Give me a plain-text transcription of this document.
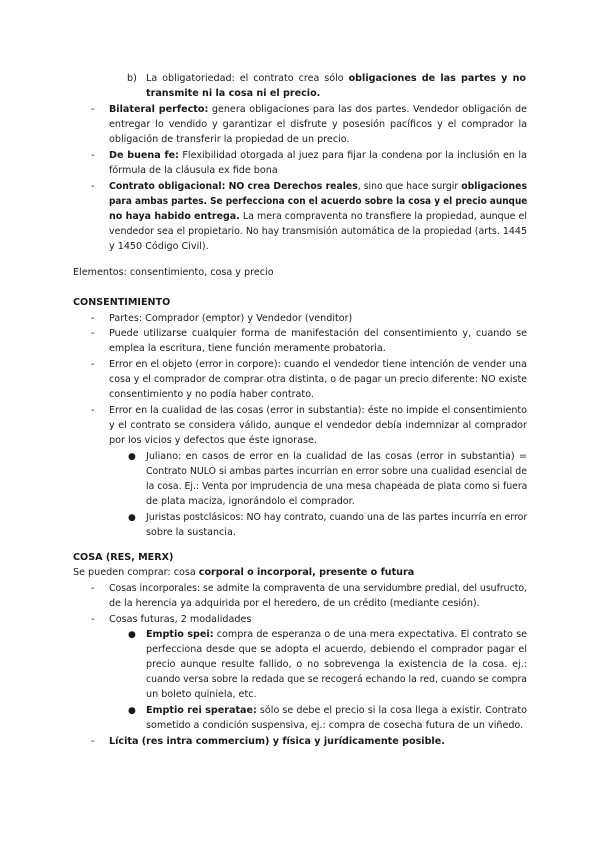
b) La obligatoriedad: el contrato crea sólo obligaciones de las partes y no
transmite ni la cosa ni el precio.
- Bilateral perfecto: genera obligaciones para las dos partes. Vendedor obligación de
entregar lo vendido y garantizar el disfrute y posesión pacíficos y el comprador la
obligación de transferir la propiedad de un precio.
- De buena fe: Flexibilidad otorgada al juez para fijar la condena por la inclusión en la
fórmula de la cláusula ex fide bona
- Contrato obligacional: NO crea Derechos reales, sino que hace surgir obligaciones
para ambas partes. Se perfecciona con el acuerdo sobre la cosa y el precio aunque
no haya habido entrega. La mera compraventa no transfiere la propiedad, aunque el
vendedor sea el propietario. No hay transmisión automática de la propiedad (arts. 1445
y 1450 Código Civil).
Elementos: consentimiento, cosa y precio
CONSENTIMIENTO
- Partes: Comprador (emptor) y Vendedor (venditor)
- Puede utilizarse cualquier forma de manifestación del consentimiento y, cuando se
emplea la escritura, tiene función meramente probatoria.
- Error en el objeto (error in corpore): cuando el vendedor tiene intención de vender una
cosa y el comprador de comprar otra distinta, o de pagar un precio diferente: NO existe
consentimiento y no podía haber contrato.
- Error en la cualidad de las cosas (error in substantia): éste no impide el consentimiento
y el contrato se considera válido, aunque el vendedor debía indemnizar al comprador
por los vicios y defectos que éste ignorase.
● Juliano: en casos de error en la cualidad de las cosas (error in substantia) =
Contrato NULO si ambas partes incurrían en error sobre una cualidad esencial de
la cosa. Ej.: Venta por imprudencia de una mesa chapeada de plata como si fuera
de plata maciza, ignorándolo el comprador.
● Juristas postclásicos: NO hay contrato, cuando una de las partes incurría en error
sobre la sustancia.
COSA (RES, MERX)
Se pueden comprar: cosa corporal o incorporal, presente o futura
- Cosas incorporales: se admite la compraventa de una servidumbre predial, del usufructo,
de la herencia ya adquirida por el heredero, de un crédito (mediante cesión).
- Cosas futuras, 2 modalidades
● Emptio spei: compra de esperanza o de una mera expectativa. El contrato se
perfecciona desde que se adopta el acuerdo, debiendo el comprador pagar el
precio aunque resulte fallido, o no sobrevenga la existencia de la cosa. ej.:
cuando versa sobre la redada que se recogerá echando la red, cuando se compra
un boleto quiniela, etc.
● Emptio rei speratae: sólo se debe el precio si la cosa llega a existir. Contrato
sometido a condición suspensiva, ej.: compra de cosecha futura de un viñedo.
- Lícita (res intra commercium) y física y jurídicamente posible.
